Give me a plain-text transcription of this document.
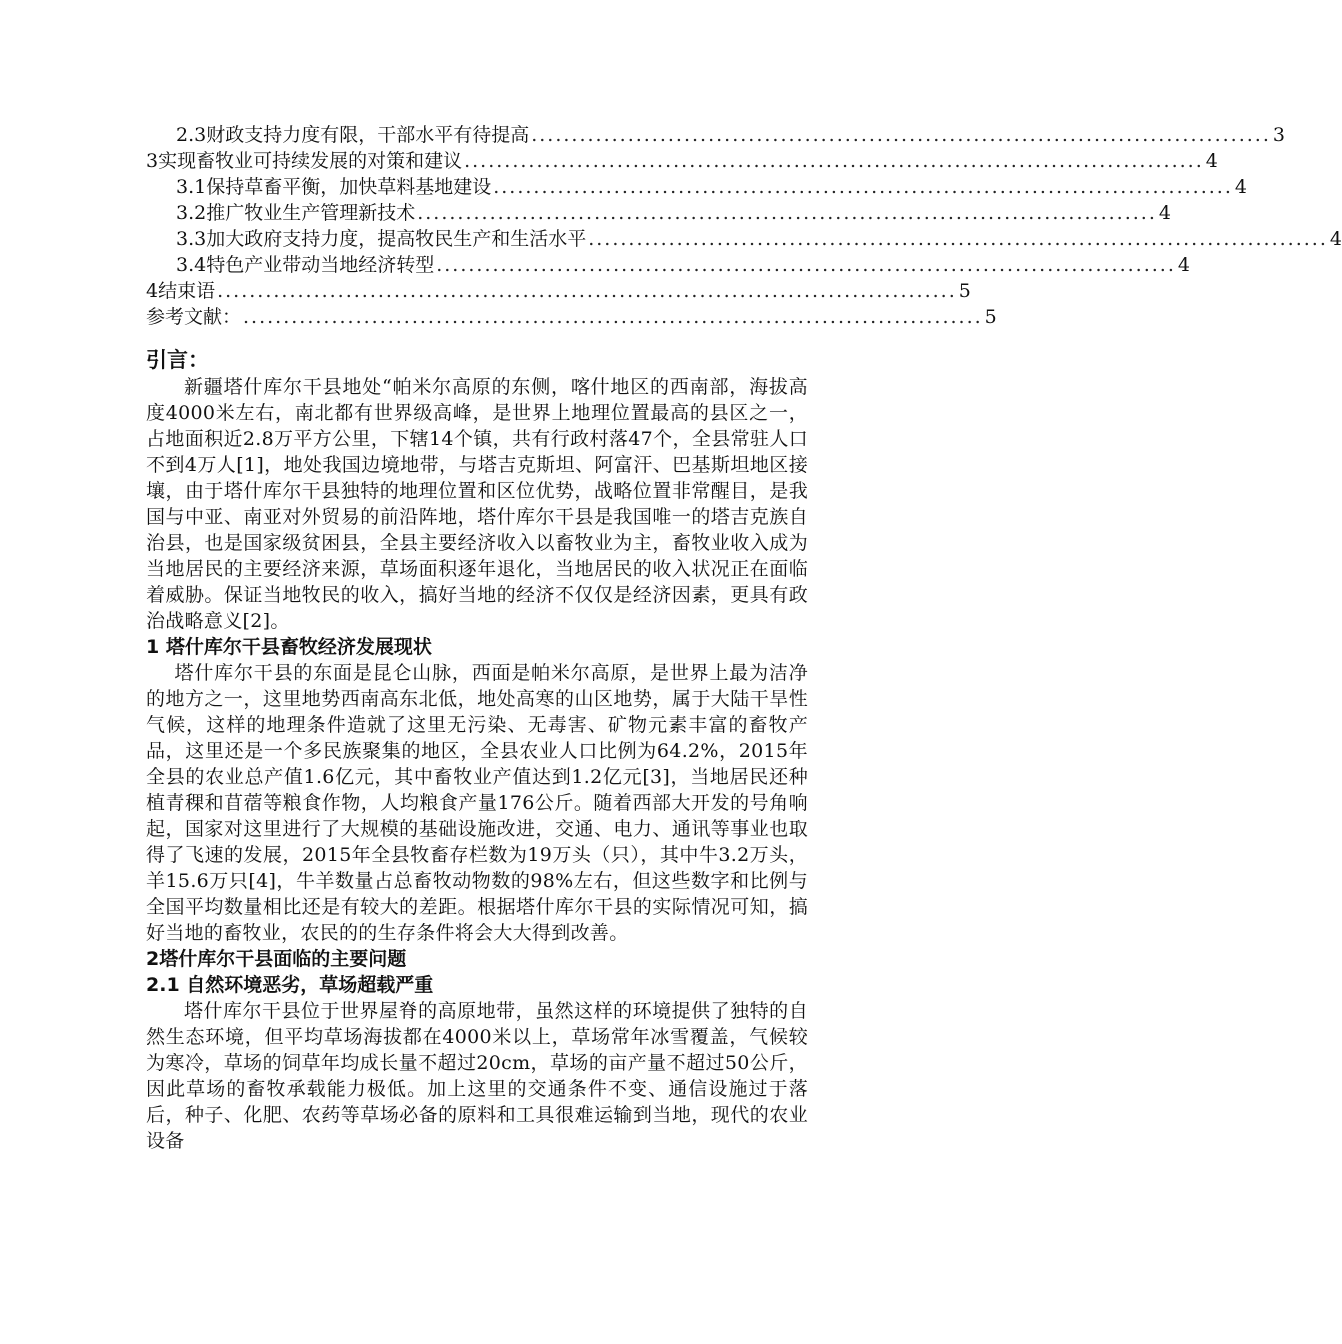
2.3财政支持力度有限，干部水平有待提高 ............................................................................................ 3
3实现畜牧业可持续发展的对策和建议 ............................................................................................ 4
3.1保持草畜平衡，加快草料基地建设 ............................................................................................ 4
3.2推广牧业生产管理新技术 ............................................................................................ 4
3.3加大政府支持力度，提高牧民生产和生活水平 ............................................................................................ 4
3.4特色产业带动当地经济转型 ............................................................................................ 4
4结束语 ............................................................................................ 5
参考文献： ............................................................................................ 5
引言：
新疆塔什库尔干县地处“帕米尔高原的东侧，喀什地区的西南部，海拔高度4000米左右，南北都有世界级高峰，是世界上地理位置最高的县区之一，占地面积近2.8万平方公里，下辖14个镇，共有行政村落47个，全县常驻人口不到4万人[1]，地处我国边境地带，与塔吉克斯坦、阿富汗、巴基斯坦地区接壤，由于塔什库尔干县独特的地理位置和区位优势，战略位置非常醒目，是我国与中亚、南亚对外贸易的前沿阵地，塔什库尔干县是我国唯一的塔吉克族自治县，也是国家级贫困县，全县主要经济收入以畜牧业为主，畜牧业收入成为当地居民的主要经济来源，草场面积逐年退化，当地居民的收入状况正在面临着威胁。保证当地牧民的收入，搞好当地的经济不仅仅是经济因素，更具有政治战略意义[2]。
1 塔什库尔干县畜牧经济发展现状
塔什库尔干县的东面是昆仑山脉，西面是帕米尔高原，是世界上最为洁净的地方之一，这里地势西南高东北低，地处高寒的山区地势，属于大陆干旱性气候，这样的地理条件造就了这里无污染、无毒害、矿物元素丰富的畜牧产品，这里还是一个多民族聚集的地区，全县农业人口比例为64.2%，2015年全县的农业总产值1.6亿元，其中畜牧业产值达到1.2亿元[3]，当地居民还种植青稞和苜蓿等粮食作物，人均粮食产量176公斤。随着西部大开发的号角响起，国家对这里进行了大规模的基础设施改进，交通、电力、通讯等事业也取得了飞速的发展，2015年全县牧畜存栏数为19万头（只），其中牛3.2万头，羊15.6万只[4]，牛羊数量占总畜牧动物数的98%左右，但这些数字和比例与全国平均数量相比还是有较大的差距。根据塔什库尔干县的实际情况可知，搞好当地的畜牧业，农民的的生存条件将会大大得到改善。
2塔什库尔干县面临的主要问题
2.1 自然环境恶劣，草场超载严重
塔什库尔干县位于世界屋脊的高原地带，虽然这样的环境提供了独特的自然生态环境，但平均草场海拔都在4000米以上，草场常年冰雪覆盖，气候较为寒冷，草场的饲草年均成长量不超过20cm，草场的亩产量不超过50公斤，因此草场的畜牧承载能力极低。加上这里的交通条件不变、通信设施过于落后，种子、化肥、农药等草场必备的原料和工具很难运输到当地，现代的农业设备
